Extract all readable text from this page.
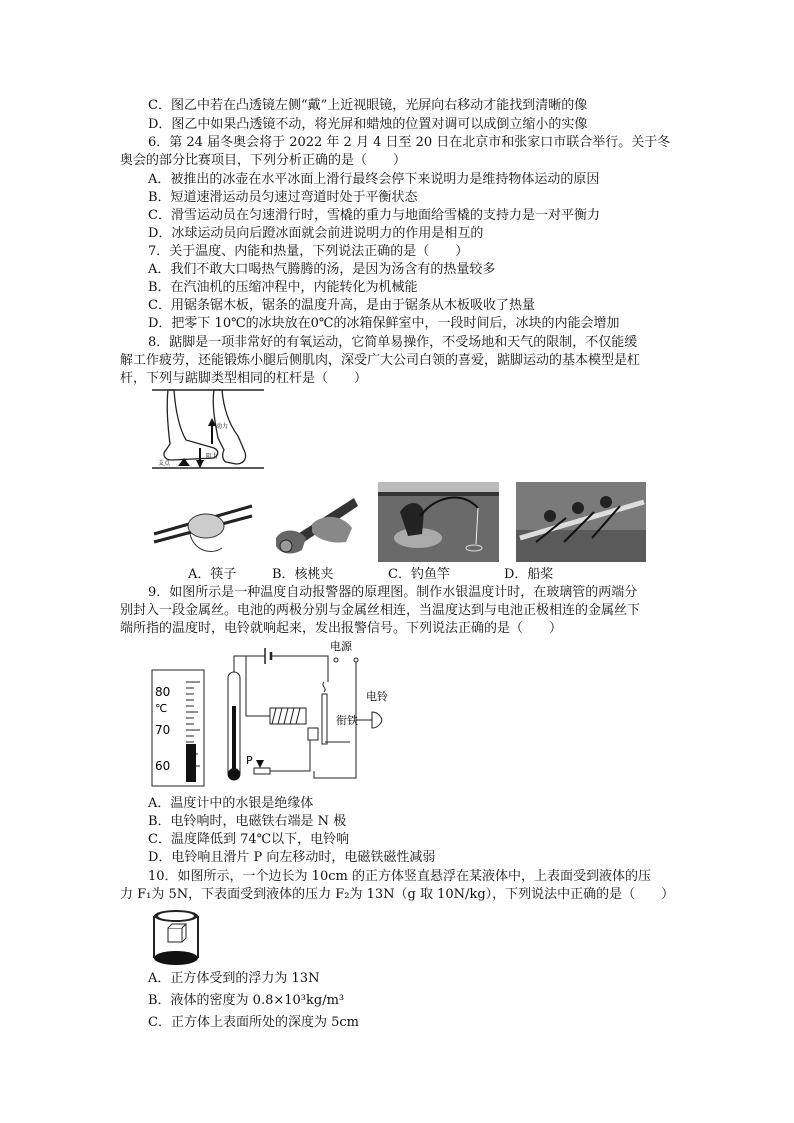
C．图乙中若在凸透镜左侧“戴”上近视眼镜，光屏向右移动才能找到清晰的像
D．图乙中如果凸透镜不动，将光屏和蜡烛的位置对调可以成倒立缩小的实像
6．第 24 届冬奥会将于 2022 年 2 月 4 日至 20 日在北京市和张家口市联合举行。关于冬
奥会的部分比赛项目，下列分析正确的是（　　）
A．被推出的冰壶在水平冰面上滑行最终会停下来说明力是维持物体运动的原因
B．短道速滑运动员匀速过弯道时处于平衡状态
C．滑雪运动员在匀速滑行时，雪橇的重力与地面给雪橇的支持力是一对平衡力
D．冰球运动员向后蹬冰面就会前进说明力的作用是相互的
7．关于温度、内能和热量，下列说法正确的是（　　）
A．我们不敢大口喝热气腾腾的汤，是因为汤含有的热量较多
B．在汽油机的压缩冲程中，内能转化为机械能
C．用锯条锯木板，锯条的温度升高，是由于锯条从木板吸收了热量
D．把零下 10℃的冰块放在0℃的冰箱保鲜室中，一段时间后，冰块的内能会增加
8．踮脚是一项非常好的有氧运动，它简单易操作，不受场地和天气的限制，不仅能缓
解工作疲劳，还能锻炼小腿后侧肌肉，深受广大公司白领的喜爱，踮脚运动的基本模型是杠
杆，下列与踮脚类型相同的杠杆是（　　）
支点
动力
阻力
A．筷子	B．核桃夹	C．钓鱼竿	D．船桨
9．如图所示是一种温度自动报警器的原理图。制作水银温度计时，在玻璃管的两端分
别封入一段金属丝。电池的两极分别与金属丝相连，当温度达到与电池正极相连的金属丝下
端所指的温度时，电铃就响起来，发出报警信号。下列说法正确的是（　　）
80
℃
70
60	P
电源
电铃
衔铁
A．温度计中的水银是绝缘体
B．电铃响时，电磁铁右端是 N 极
C．温度降低到 74℃以下，电铃响
D．电铃响且滑片 P 向左移动时，电磁铁磁性减弱
10．如图所示，一个边长为 10cm 的正方体竖直悬浮在某液体中，上表面受到液体的压
力 F₁为 5N，下表面受到液体的压力 F₂为 13N（g 取 10N/kg），下列说法中正确的是（　　）
A．正方体受到的浮力为 13N
B．液体的密度为 0.8×10³kg/m³
C．正方体上表面所处的深度为 5cm
